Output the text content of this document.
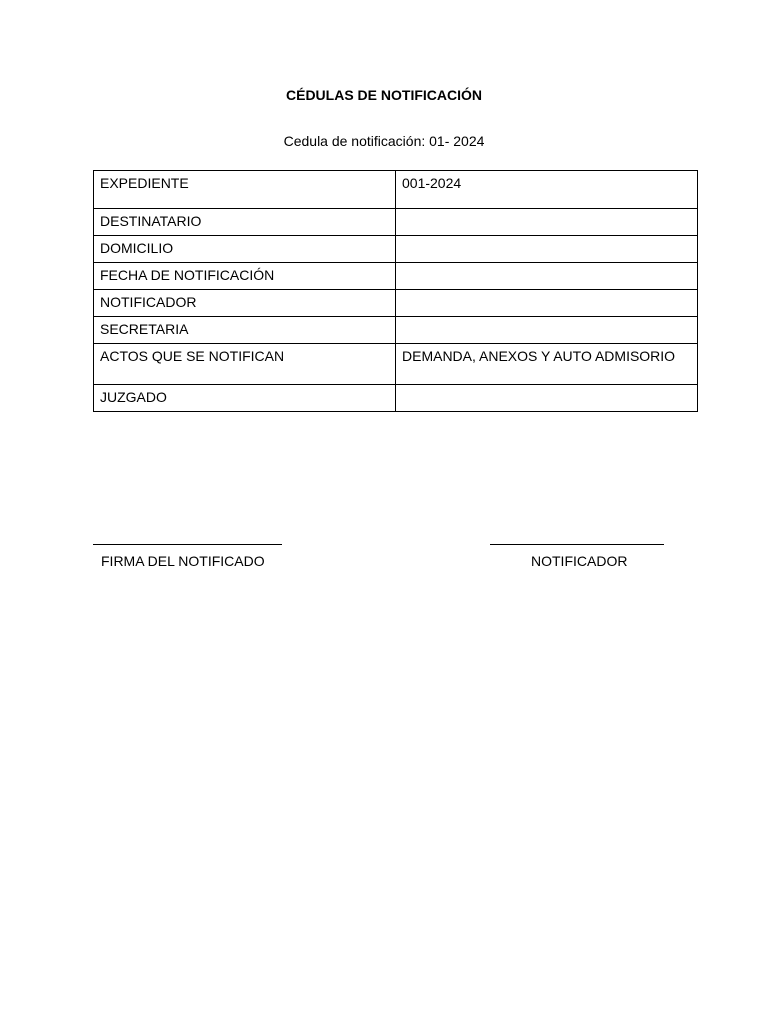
CÉDULAS DE NOTIFICACIÓN

Cedula de notificación: 01- 2024

EXPEDIENTE	001-2024
DESTINATARIO	
DOMICILIO	
FECHA DE NOTIFICACIÓN	
NOTIFICADOR	
SECRETARIA	
ACTOS QUE SE NOTIFICAN	DEMANDA, ANEXOS Y AUTO ADMISORIO
JUZGADO	

FIRMA DEL NOTIFICADO	NOTIFICADOR
